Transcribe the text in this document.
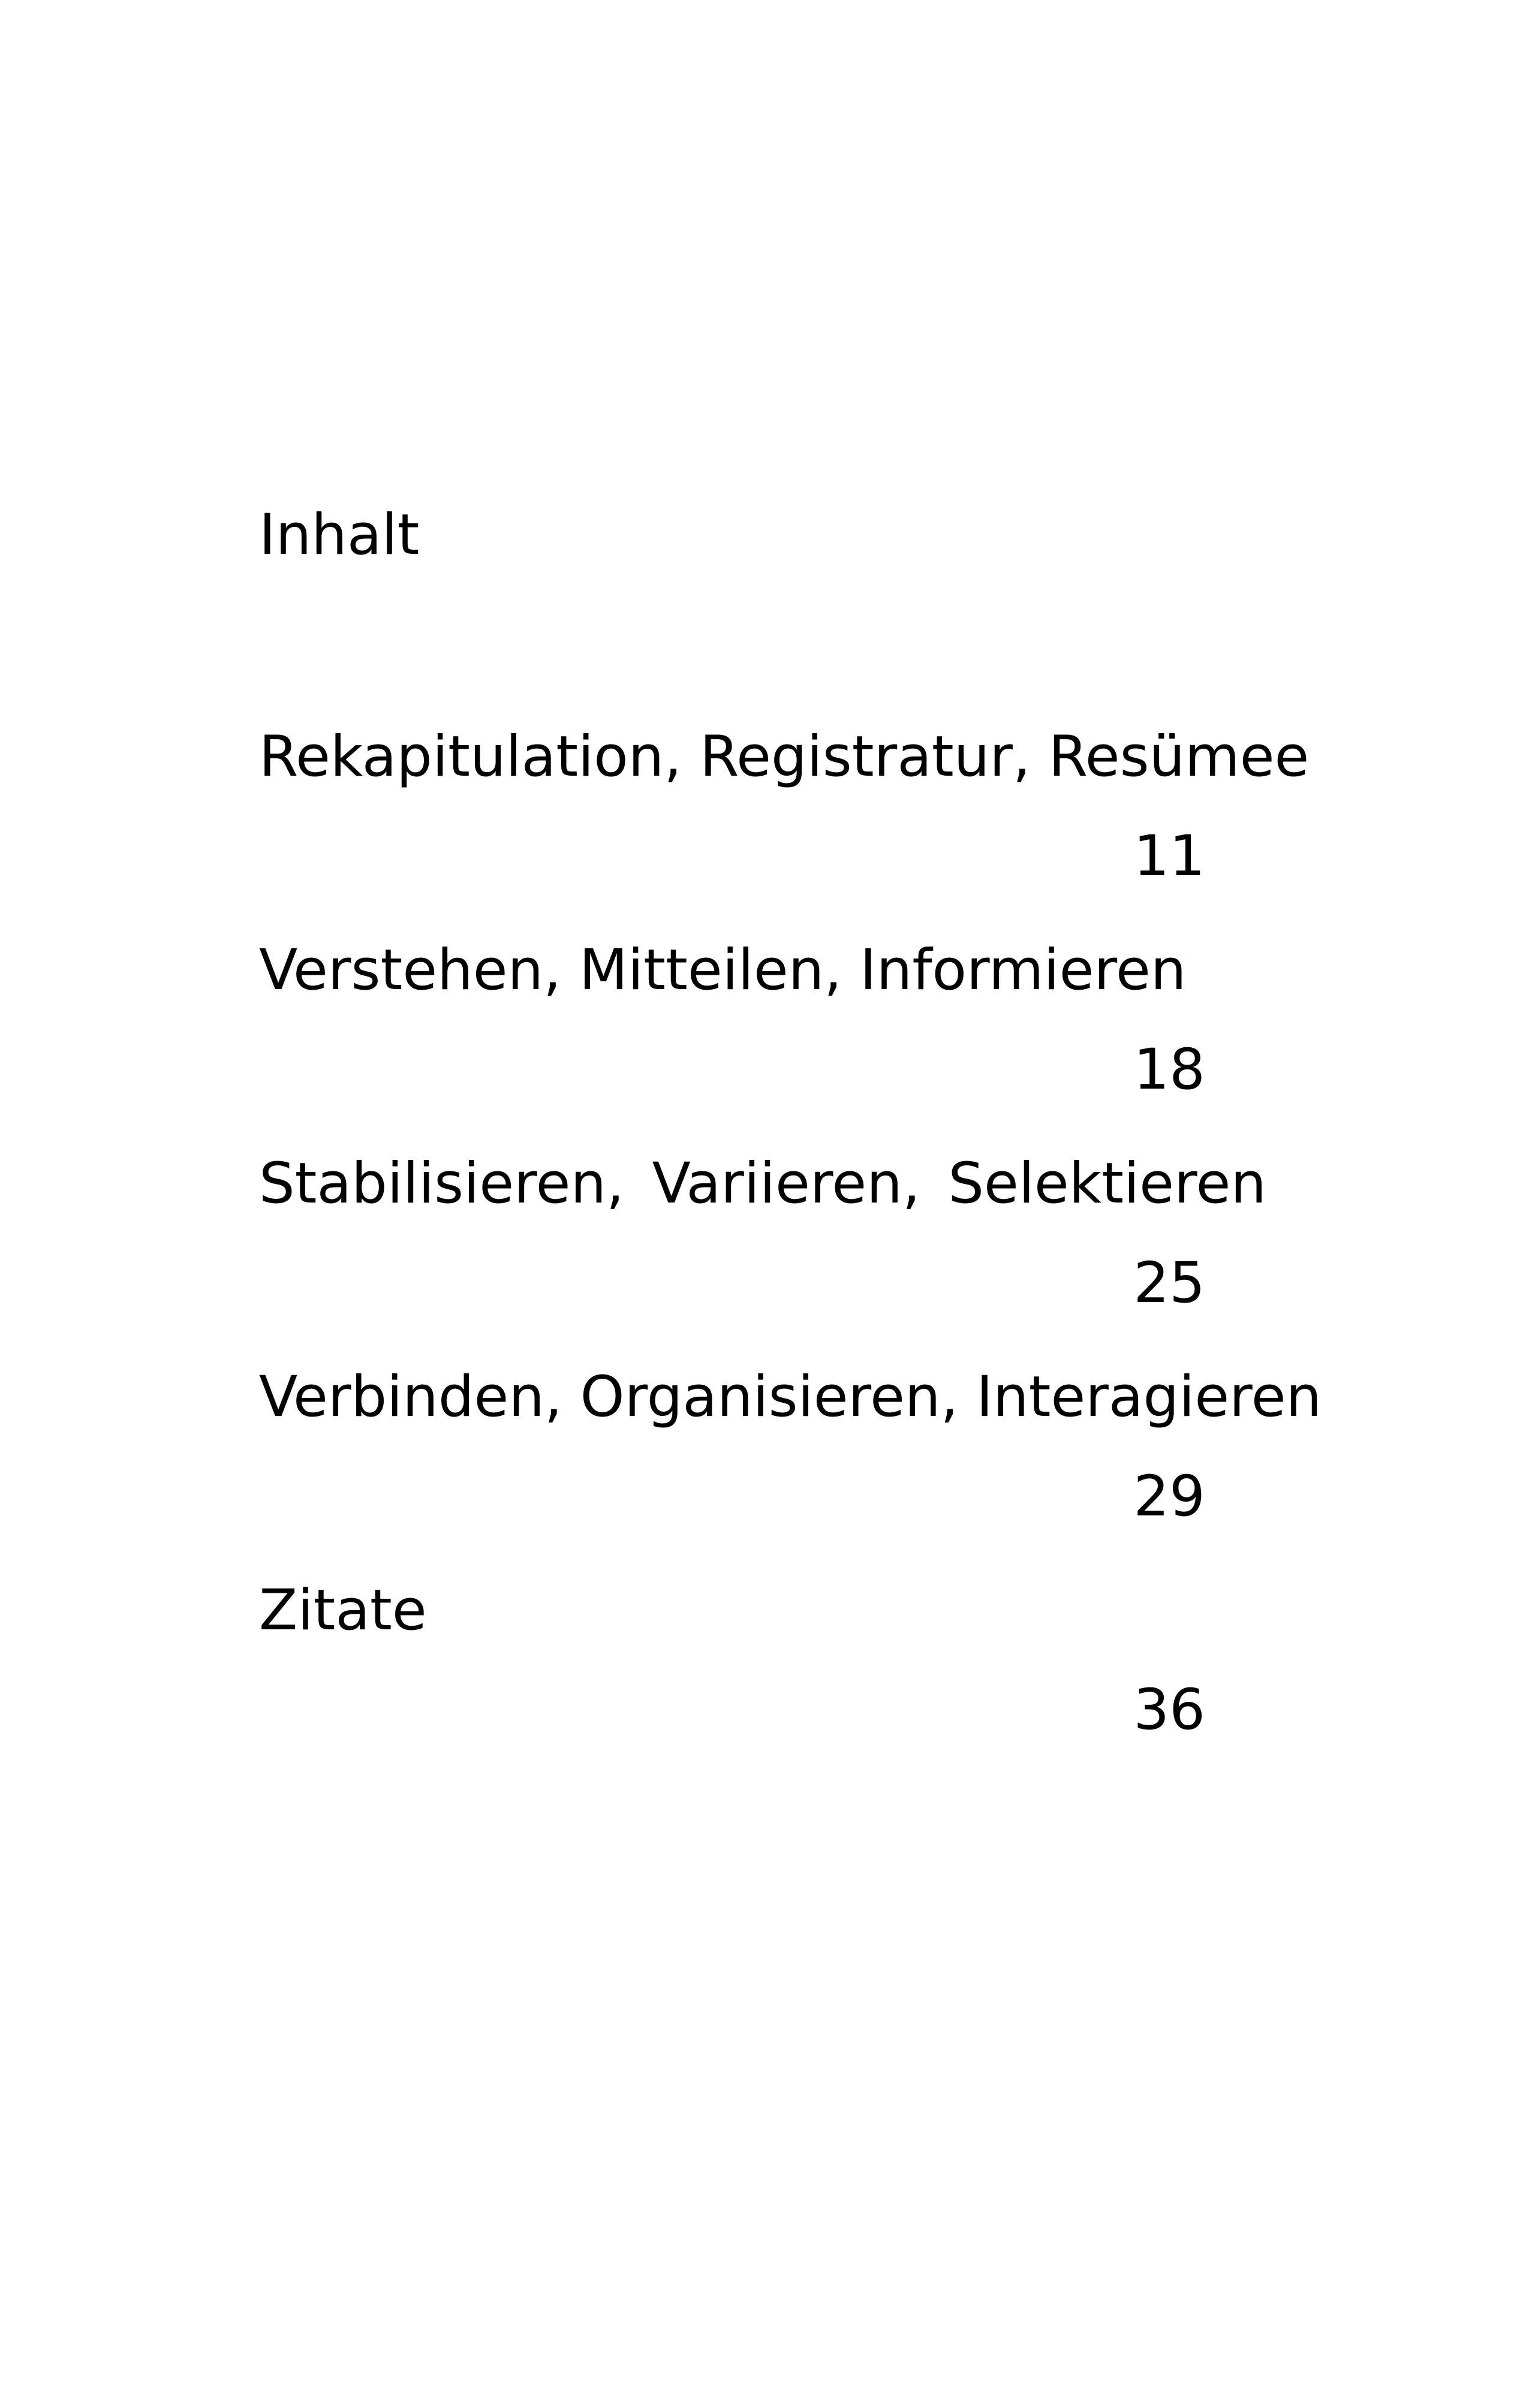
Inhalt
Rekapitulation, Registratur, Resümee
11
Verstehen, Mitteilen, Informieren
18
Stabilisieren, Variieren, Selektieren
25
Verbinden, Organisieren, Interagieren
29
Zitate
36
